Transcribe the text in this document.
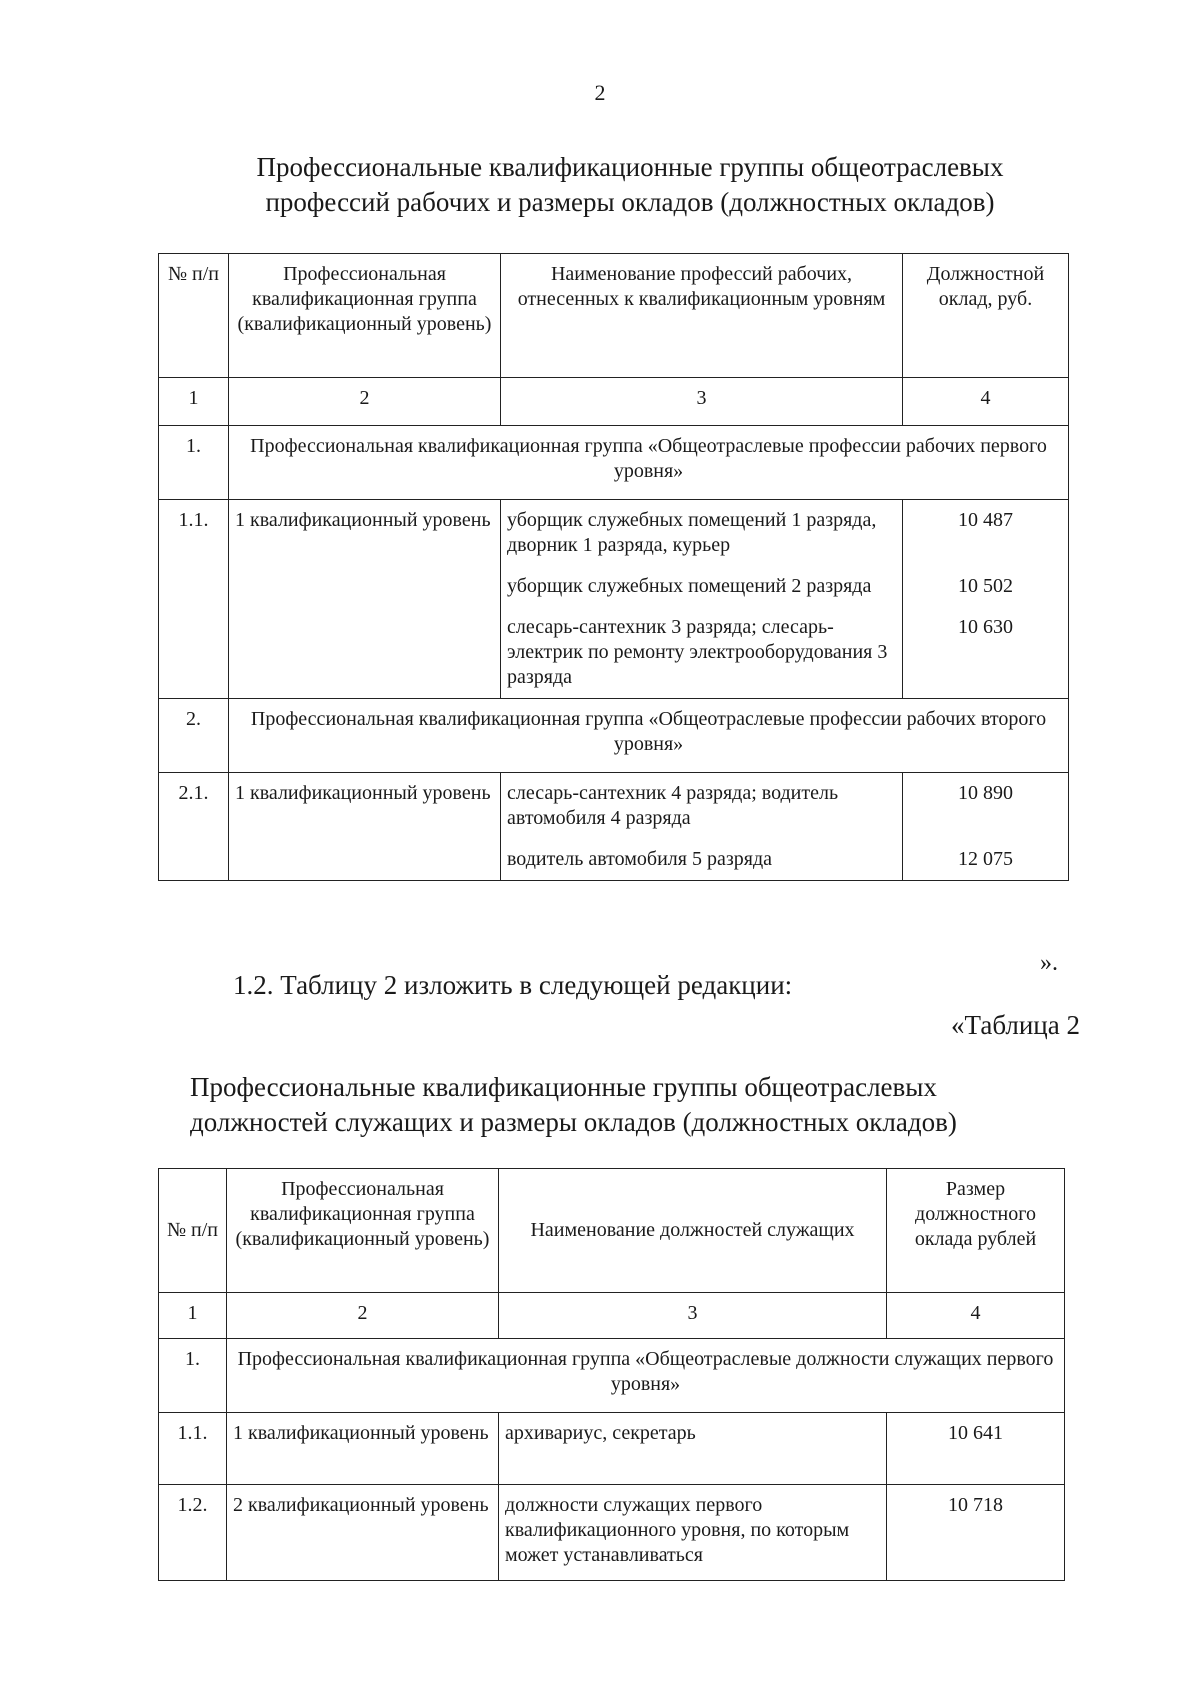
2
Профессиональные квалификационные группы общеотраслевых
профессий рабочих и размеры окладов (должностных окладов)
№ п/п	Профессиональная квалификационная группа (квалификационный уровень)	Наименование профессий рабочих, отнесенных к квалификационным уровням	Должностной оклад, руб.
1	2	3	4
1.	Профессиональная квалификационная группа «Общеотраслевые профессии рабочих первого уровня»		
1.1.	1 квалификационный уровень	уборщик служебных помещений 1 разряда, дворник 1 разряда, курьер	10 487
		уборщик служебных помещений 2 разряда	10 502
		слесарь-сантехник 3 разряда; слесарь-электрик по ремонту электрооборудования 3 разряда	10 630
2.	Профессиональная квалификационная группа «Общеотраслевые профессии рабочих второго уровня»		
2.1.	1 квалификационный уровень	слесарь-сантехник 4 разряда; водитель автомобиля 4 разряда	10 890
		водитель автомобиля 5 разряда	12 075
».
1.2. Таблицу 2 изложить в следующей редакции:
«Таблица 2
Профессиональные квалификационные группы общеотраслевых
должностей служащих и размеры окладов (должностных окладов)
№ п/п	Профессиональная квалификационная группа (квалификационный уровень)	Наименование должностей служащих	Размер должностного оклада рублей
1	2	3	4
1.	Профессиональная квалификационная группа «Общеотраслевые должности служащих первого уровня»		
1.1.	1 квалификационный уровень	архивариус, секретарь	10 641
1.2.	2 квалификационный уровень	должности служащих первого квалификационного уровня, по которым может устанавливаться	10 718
